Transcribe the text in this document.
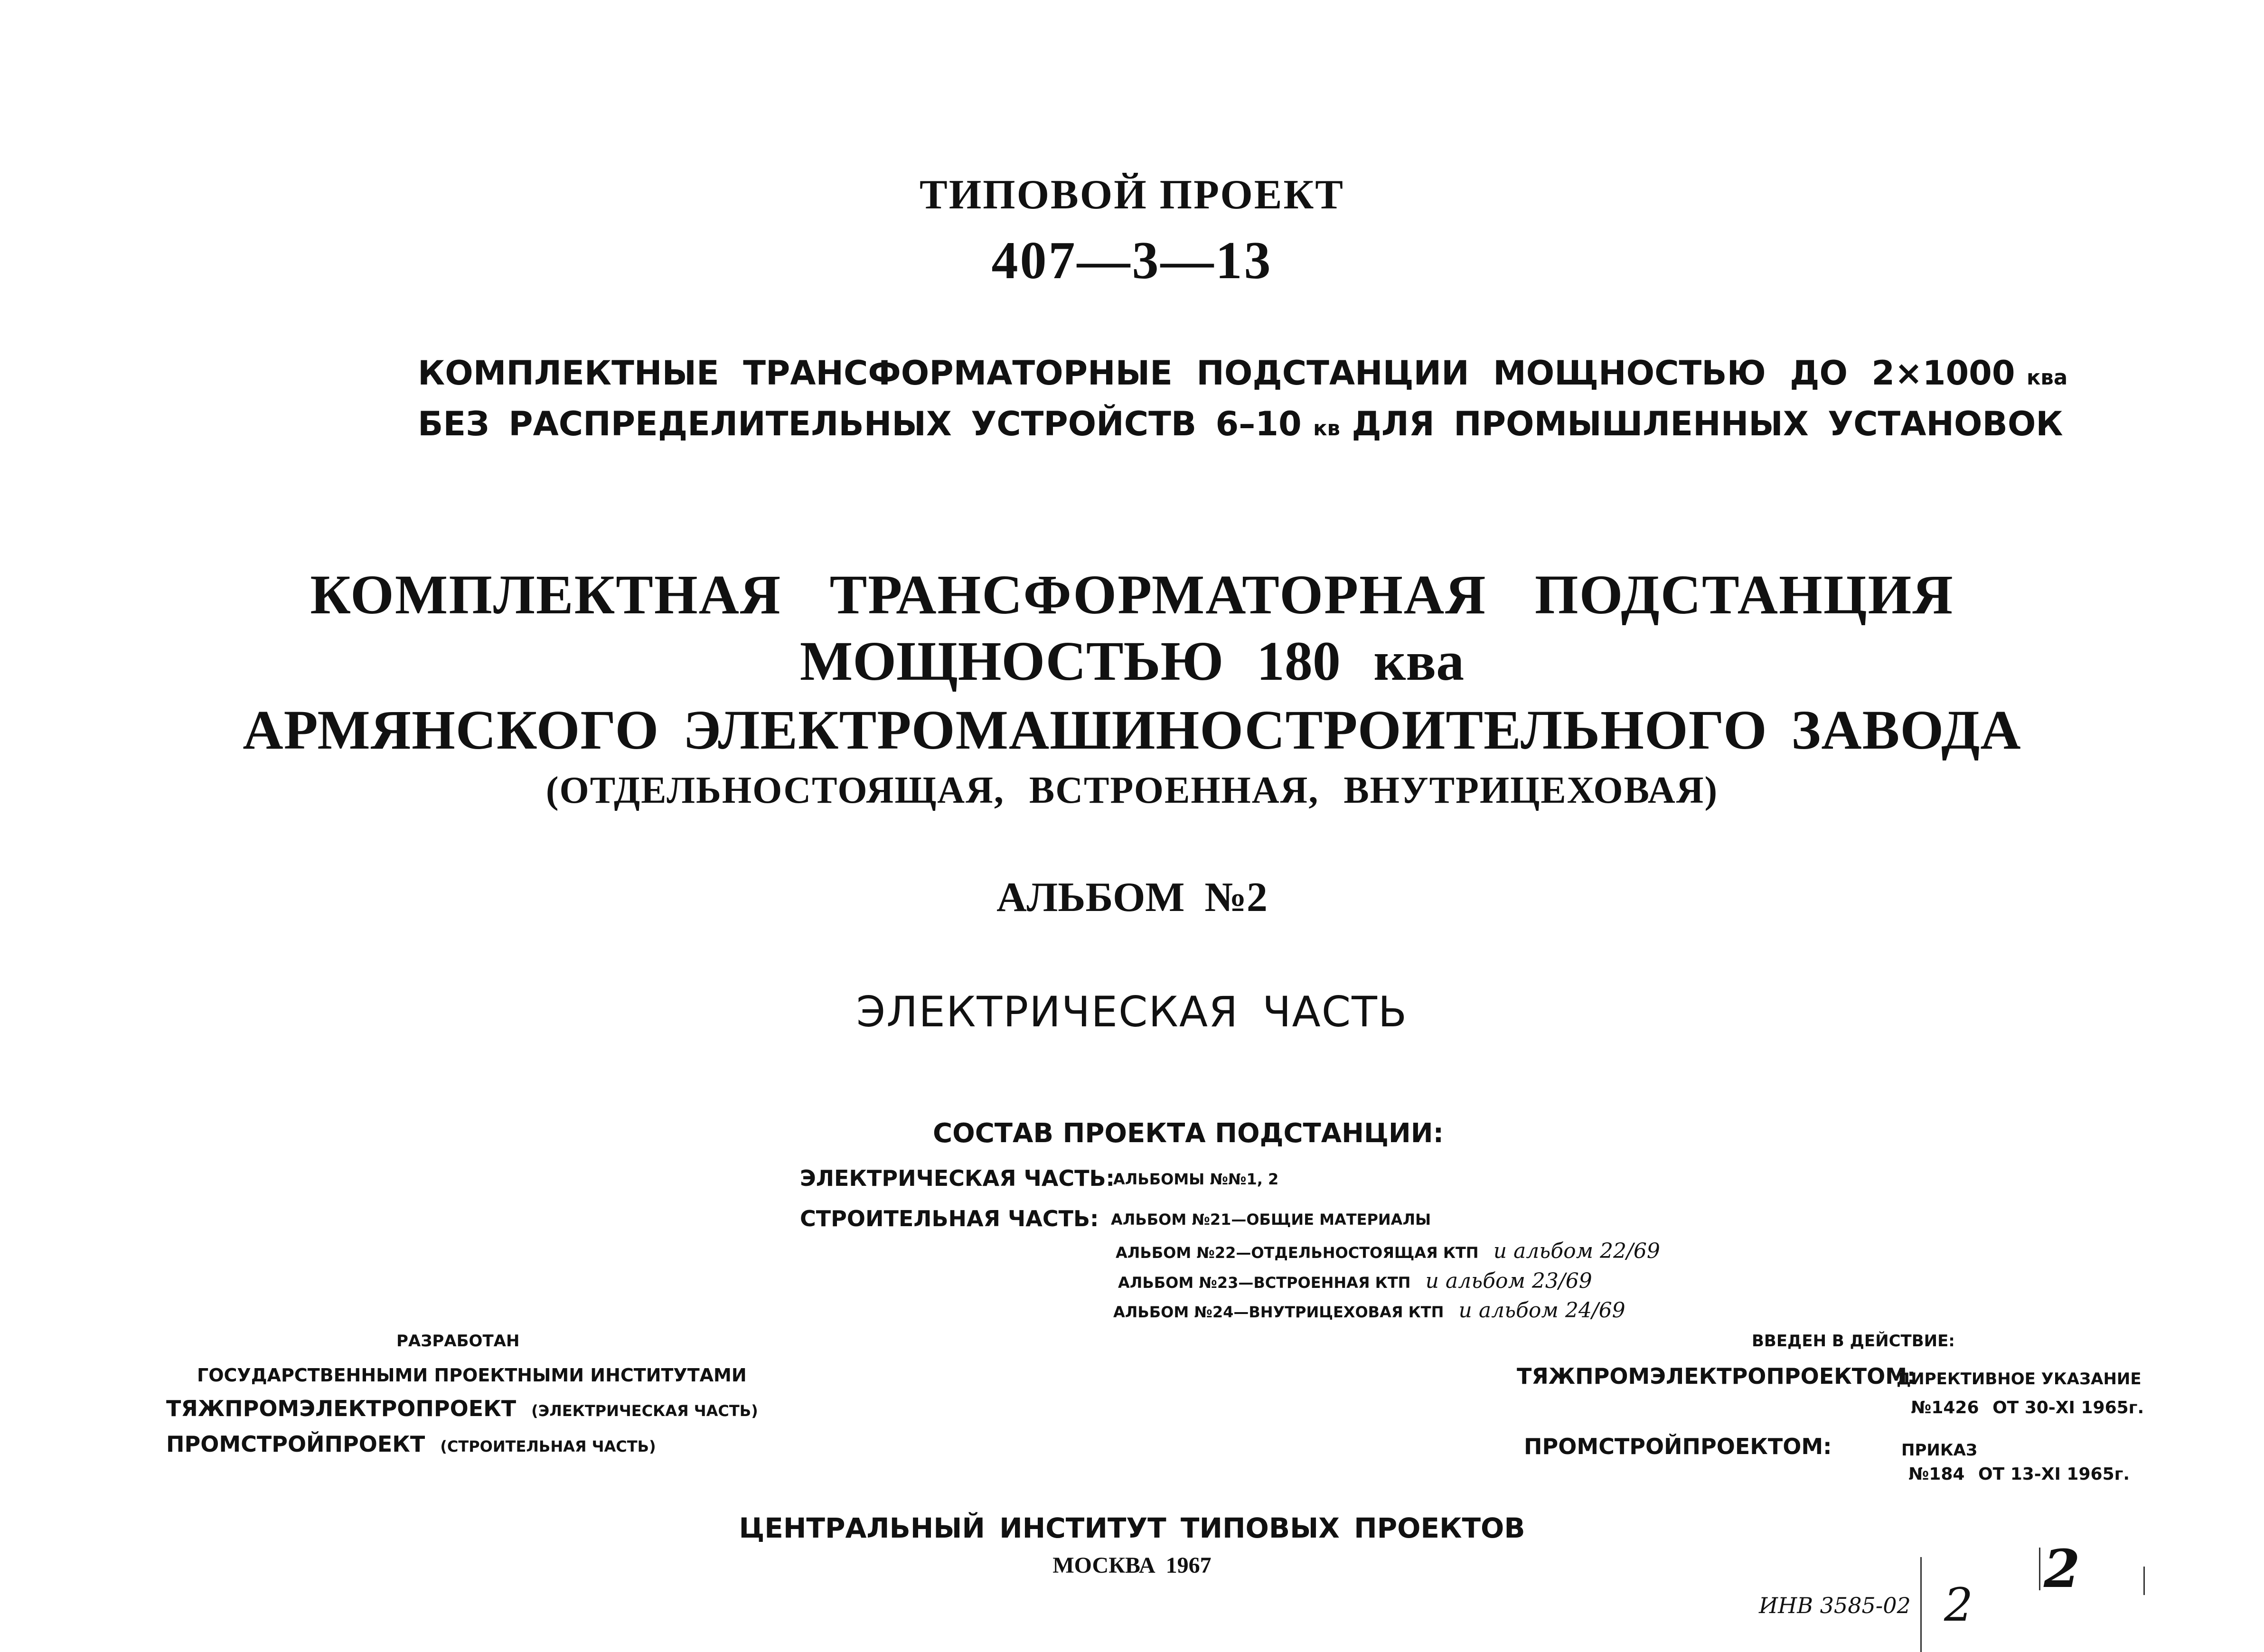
ТИПОВОЙ ПРОЕКТ
407—3—13
КОМПЛЕКТНЫЕ ТРАНСФОРМАТОРНЫЕ ПОДСТАНЦИИ МОЩНОСТЬЮ ДО 2×1000 ква
БЕЗ РАСПРЕДЕЛИТЕЛЬНЫХ УСТРОЙСТВ 6–10 кв ДЛЯ ПРОМЫШЛЕННЫХ УСТАНОВОК
КОМПЛЕКТНАЯ ТРАНСФОРМАТОРНАЯ ПОДСТАНЦИЯ
МОЩНОСТЬЮ 180 ква
АРМЯНСКОГО ЭЛЕКТРОМАШИНОСТРОИТЕЛЬНОГО ЗАВОДА
(ОТДЕЛЬНОСТОЯЩАЯ, ВСТРОЕННАЯ, ВНУТРИЦЕХОВАЯ)
АЛЬБОМ №2
ЭЛЕКТРИЧЕСКАЯ ЧАСТЬ
СОСТАВ ПРОЕКТА ПОДСТАНЦИИ:
ЭЛЕКТРИЧЕСКАЯ ЧАСТЬ:
АЛЬБОМЫ №№1, 2
СТРОИТЕЛЬНАЯ ЧАСТЬ: АЛЬБОМ №21—ОБЩИЕ МАТЕРИАЛЫ
АЛЬБОМ №22—ОТДЕЛЬНОСТОЯЩАЯ КТП и альбом 22/69
АЛЬБОМ №23—ВСТРОЕННАЯ КТП и альбом 23/69
АЛЬБОМ №24—ВНУТРИЦЕХОВАЯ КТП и альбом 24/69
РАЗРАБОТАН
ГОСУДАРСТВЕННЫМИ ПРОЕКТНЫМИ ИНСТИТУТАМИ
ТЯЖПРОМЭЛЕКТРОПРОЕКТ (ЭЛЕКТРИЧЕСКАЯ ЧАСТЬ)
ПРОМСТРОЙПРОЕКТ (СТРОИТЕЛЬНАЯ ЧАСТЬ)
ВВЕДЕН В ДЕЙСТВИЕ:
ТЯЖПРОМЭЛЕКТРОПРОЕКТОМ:
ДИРЕКТИВНОЕ УКАЗАНИЕ
№1426 ОТ 30-XI 1965г.
ПРОМСТРОЙПРОЕКТОМ:	ПРИКАЗ
№184 ОТ 13-XI 1965г.
ЦЕНТРАЛЬНЫЙ ИНСТИТУТ ТИПОВЫХ ПРОЕКТОВ
МОСКВА 1967
ИНВ 3585-02 2
2
